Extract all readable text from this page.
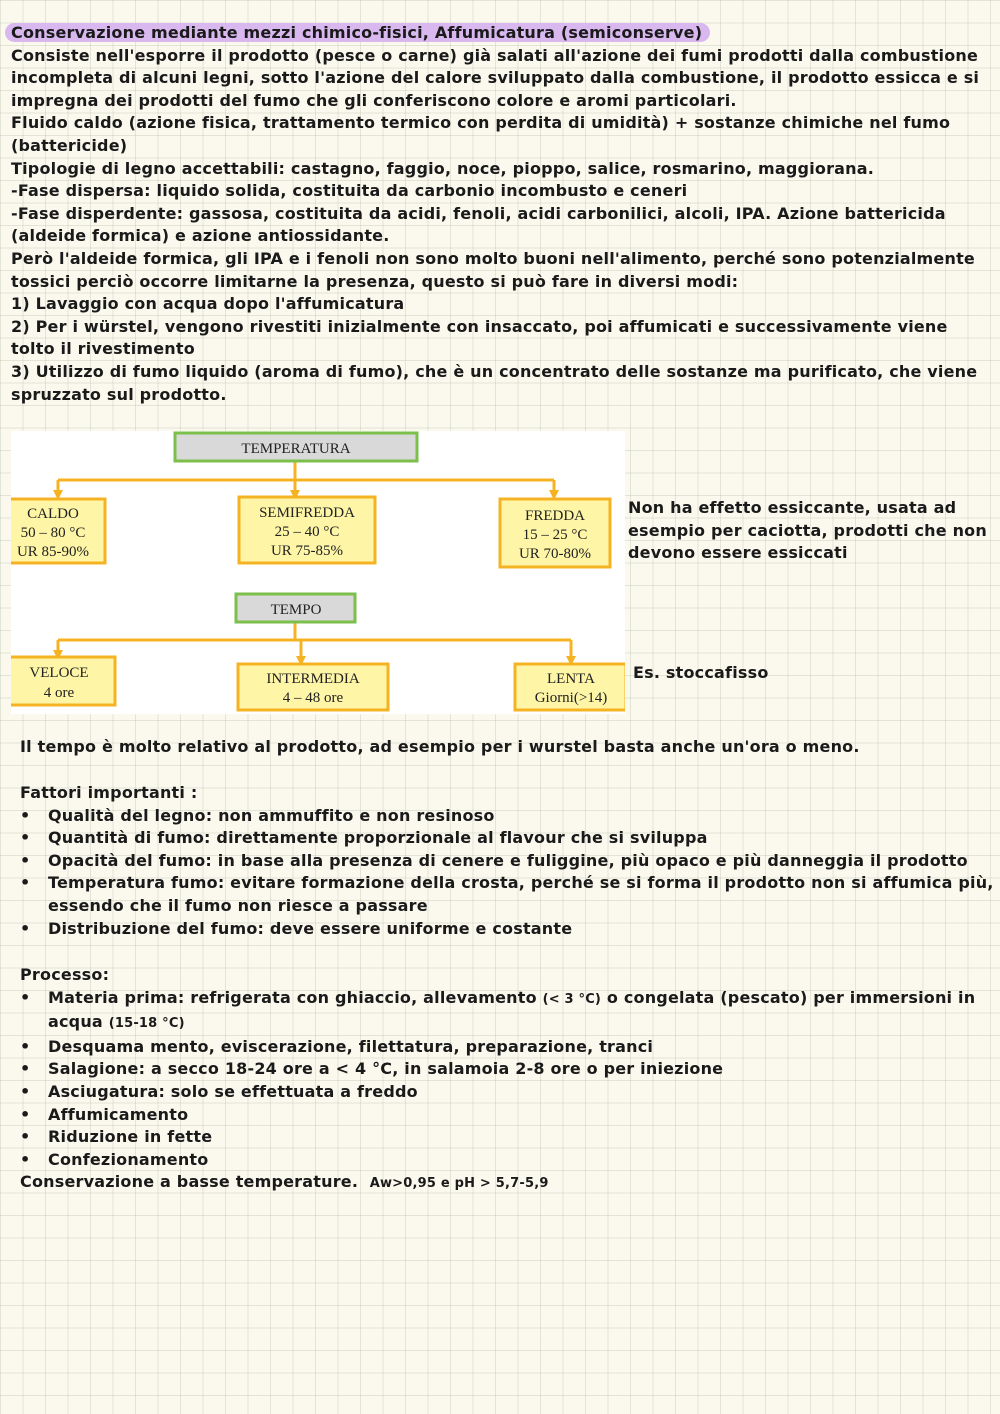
Conservazione mediante mezzi chimico-fisici, Affumicatura (semiconserve)

Consiste nell'esporre il prodotto (pesce o carne) già salati all'azione dei fumi prodotti dalla combustione incompleta di alcuni legni, sotto l'azione del calore sviluppato dalla combustione, il prodotto essicca e si impregna dei prodotti del fumo che gli conferiscono colore e aromi particolari.

Fluido caldo (azione fisica, trattamento termico con perdita di umidità) + sostanze chimiche nel fumo (battericide)

Tipologie di legno accettabili: castagno, faggio, noce, pioppo, salice, rosmarino, maggiorana.

-Fase dispersa: liquido solida, costituita da carbonio incombusto e ceneri

-Fase disperdente: gassosa, costituita da acidi, fenoli, acidi carbonilici, alcoli, IPA. Azione battericida (aldeide formica) e azione antiossidante.

Però l'aldeide formica, gli IPA e i fenoli non sono molto buoni nell'alimento, perché sono potenzialmente tossici perciò occorre limitarne la presenza, questo si può fare in diversi modi:

1) Lavaggio con acqua dopo l'affumicatura

2) Per i würstel, vengono rivestiti inizialmente con insaccato, poi affumicati e successivamente viene tolto il rivestimento

3) Utilizzo di fumo liquido (aroma di fumo), che è un concentrato delle sostanze ma purificato, che viene spruzzato sul prodotto.

TEMPERATURA
CALDO
50 – 80 °C
UR 85-90%
SEMIFREDDA
25 – 40 °C
UR 75-85%
FREDDA
15 – 25 °C
UR 70-80%
TEMPO
VELOCE
4 ore
INTERMEDIA
4 – 48 ore
LENTA
Giorni(>14)
Non ha effetto essiccante, usata ad esempio per caciotta, prodotti che non devono essere essiccati
Es. stoccafisso
Il tempo è molto relativo al prodotto, ad esempio per i wurstel basta anche un'ora o meno.

Fattori importanti :

• Qualità del legno: non ammuffito e non resinoso
• Quantità di fumo: direttamente proporzionale al flavour che si sviluppa
• Opacità del fumo: in base alla presenza di cenere e fuliggine, più opaco e più danneggia il prodotto
• Temperatura fumo: evitare formazione della crosta, perché se si forma il prodotto non si affumica più, essendo che il fumo non riesce a passare
• Distribuzione del fumo: deve essere uniforme e costante

Processo:

• Materia prima: refrigerata con ghiaccio, allevamento (< 3 °C) o congelata (pescato) per immersioni in acqua (15-18 °C)
• Desquama mento, eviscerazione, filettatura, preparazione, tranci
• Salagione: a secco 18-24 ore a < 4 °C, in salamoia 2-8 ore o per iniezione
• Asciugatura: solo se effettuata a freddo
• Affumicamento
• Riduzione in fette
• Confezionamento

Conservazione a basse temperature. Aw>0,95 e pH > 5,7-5,9
